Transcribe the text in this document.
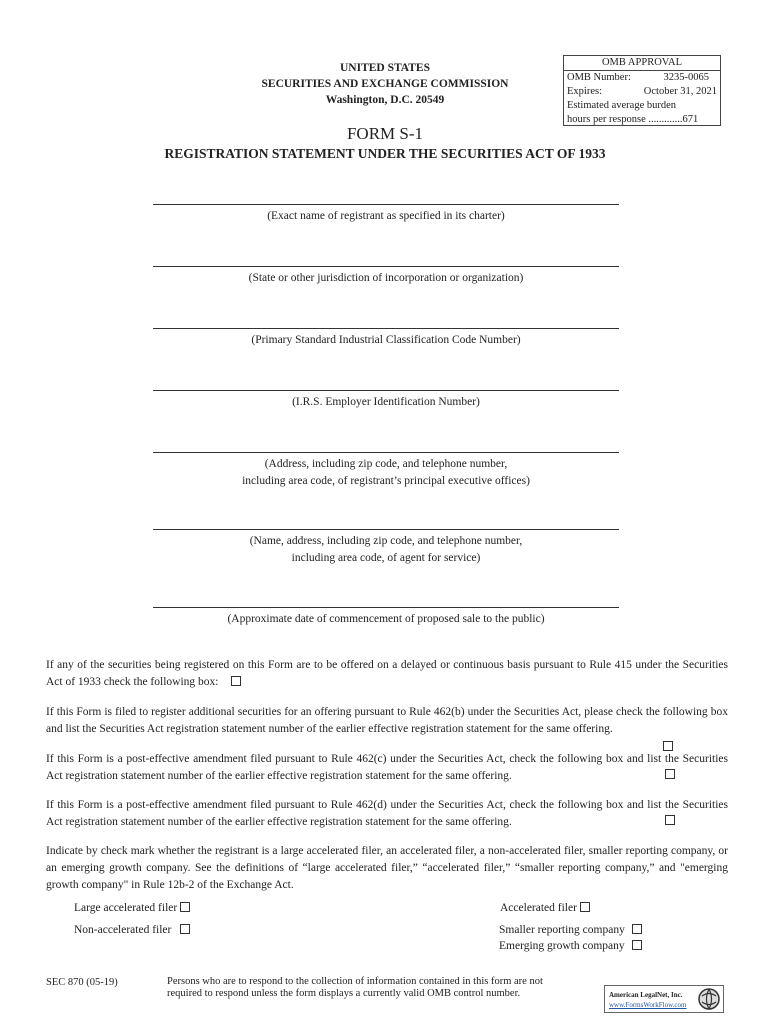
UNITED STATES
SECURITIES AND EXCHANGE COMMISSION
Washington, D.C. 20549
OMB APPROVAL
OMB Number:	3235-0065
Expires:	October 31, 2021
Estimated average burden
hours per response .............671
FORM S-1
REGISTRATION STATEMENT UNDER THE SECURITIES ACT OF 1933
(Exact name of registrant as specified in its charter)
(State or other jurisdiction of incorporation or organization)
(Primary Standard Industrial Classification Code Number)
(I.R.S. Employer Identification Number)
(Address, including zip code, and telephone number,
including area code, of registrant’s principal executive offices)
(Name, address, including zip code, and telephone number,
including area code, of agent for service)
(Approximate date of commencement of proposed sale to the public)
If any of the securities being registered on this Form are to be offered on a delayed or continuous basis pursuant to Rule 415 under the Securities Act of 1933 check the following box:
If this Form is filed to register additional securities for an offering pursuant to Rule 462(b) under the Securities Act, please check the following box and list the Securities Act registration statement number of the earlier effective registration statement for the same offering.
If this Form is a post-effective amendment filed pursuant to Rule 462(c) under the Securities Act, check the following box and list the Securities Act registration statement number of the earlier effective registration statement for the same offering.
If this Form is a post-effective amendment filed pursuant to Rule 462(d) under the Securities Act, check the following box and list the Securities Act registration statement number of the earlier effective registration statement for the same offering.
Indicate by check mark whether the registrant is a large accelerated filer, an accelerated filer, a non-accelerated filer, smaller reporting company, or an emerging growth company. See the definitions of “large accelerated filer,” “accelerated filer,” “smaller reporting company,” and "emerging growth company" in Rule 12b-2 of the Exchange Act.
Large accelerated filer	Accelerated filer
Non-accelerated filer	Smaller reporting company
Emerging growth company
SEC 870 (05-19)	Persons who are to respond to the collection of information contained in this form are not required to respond unless the form displays a currently valid OMB control number.	American LegalNet, Inc.
www.FormsWorkFlow.com
